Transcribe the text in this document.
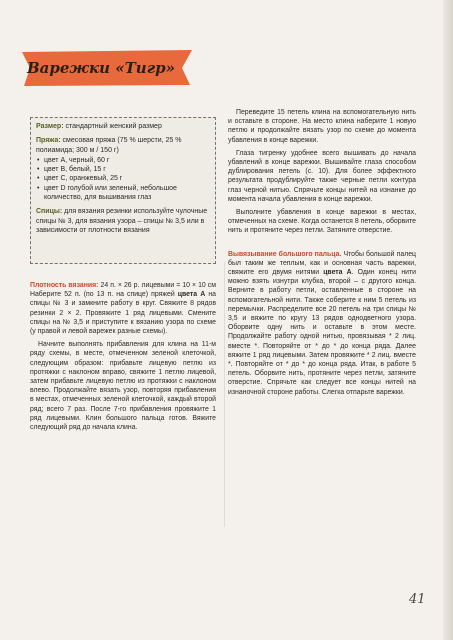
Варежки «Тигр»
Размер: стандартный женский размер
Пряжа: смесовая пряжа (75 % шерсти, 25 % полиамида; 300 м / 150 г)
• цвет А, черный, 60 г
• цвет В, белый, 15 г
• цвет С, оранжевый, 25 г
• цвет D голубой или зеленый, небольшое количество, для вышивания глаз
Спицы: для вязания резинки используйте чулочные спицы № 3, для вязания узора – спицы № 3,5 или в зависимости от плотности вязания

Плотность вязания: 24 п. × 26 р. лицевыми = 10 × 10 см Наберите 52 п. (по 13 п. на спице) пряжей цвета А на спицы № 3 и замкните работу в круг. Свяжите 8 рядов резинки 2 × 2. Провяжите 1 ряд лицевыми. Смените спицы на № 3,5 и приступите к вязанию узора по схеме (у правой и левой варежек разные схемы).

Начните выполнять прибавления для клина на 11-м ряду схемы, в месте, отмеченном зеленой клеточкой, следующим образом: прибавьте лицевую петлю из протяжки с наклоном вправо, свяжите 1 петлю лицевой, затем прибавьте лицевую петлю из протяжки с наклоном влево. Продолжайте вязать узор, повторяя прибавления в местах, отмеченных зеленой клеточкой, каждый второй ряд; всего 7 раз. После 7-го прибавления провяжите 1 ряд лицевыми. Клин большого пальца готов. Вяжите следующий ряд до начала клина.

Переведите 15 петель клина на вспомогательную нить и оставьте в стороне. На место клина наберите 1 новую петлю и продолжайте вязать узор по схеме до момента убавления в конце варежки.

Глаза тигренку удобнее всего вышивать до начала убавлений в конце варежки. Вышивайте глаза способом дублирования петель (с. 10). Для более эффектного результата продублируйте также черные петли контура глаз черной нитью. Спрячьте концы нитей на изнанке до момента начала убавления в конце варежки.

Выполните убавления в конце варежки в местах, отмеченных на схеме. Когда останется 8 петель, оборвите нить и протяните через петли. Затяните отверстие.

Вывязывание большого пальца. Чтобы большой палец был таким же теплым, как и основная часть варежки, свяжите его двумя нитями цвета А. Один конец нити можно взять изнутри клубка, второй – с другого конца. Верните в работу петли, оставленные в стороне на вспомогательной нити. Также соберите к ним 5 петель из перемычки. Распределите все 20 петель на три спицы № 3,5 и вяжите по кругу 13 рядов однодветного узора. Оборвите одну нить и оставьте в этом месте. Продолжайте работу одной нитью, провязывая * 2 лиц. вместе *. Повторяйте от * до * до конца ряда. Далее вяжите 1 ряд лицевыми. Затем провяжите * 2 лиц. вместе *. Повторяйте от * до * до конца ряда. Итак, в работе 5 петель. Оборвите нить, протяните через петли, затяните отверстие. Спрячьте как следует все концы нитей на изнаночной стороне работы. Слегка отпарьте варежки.

41
